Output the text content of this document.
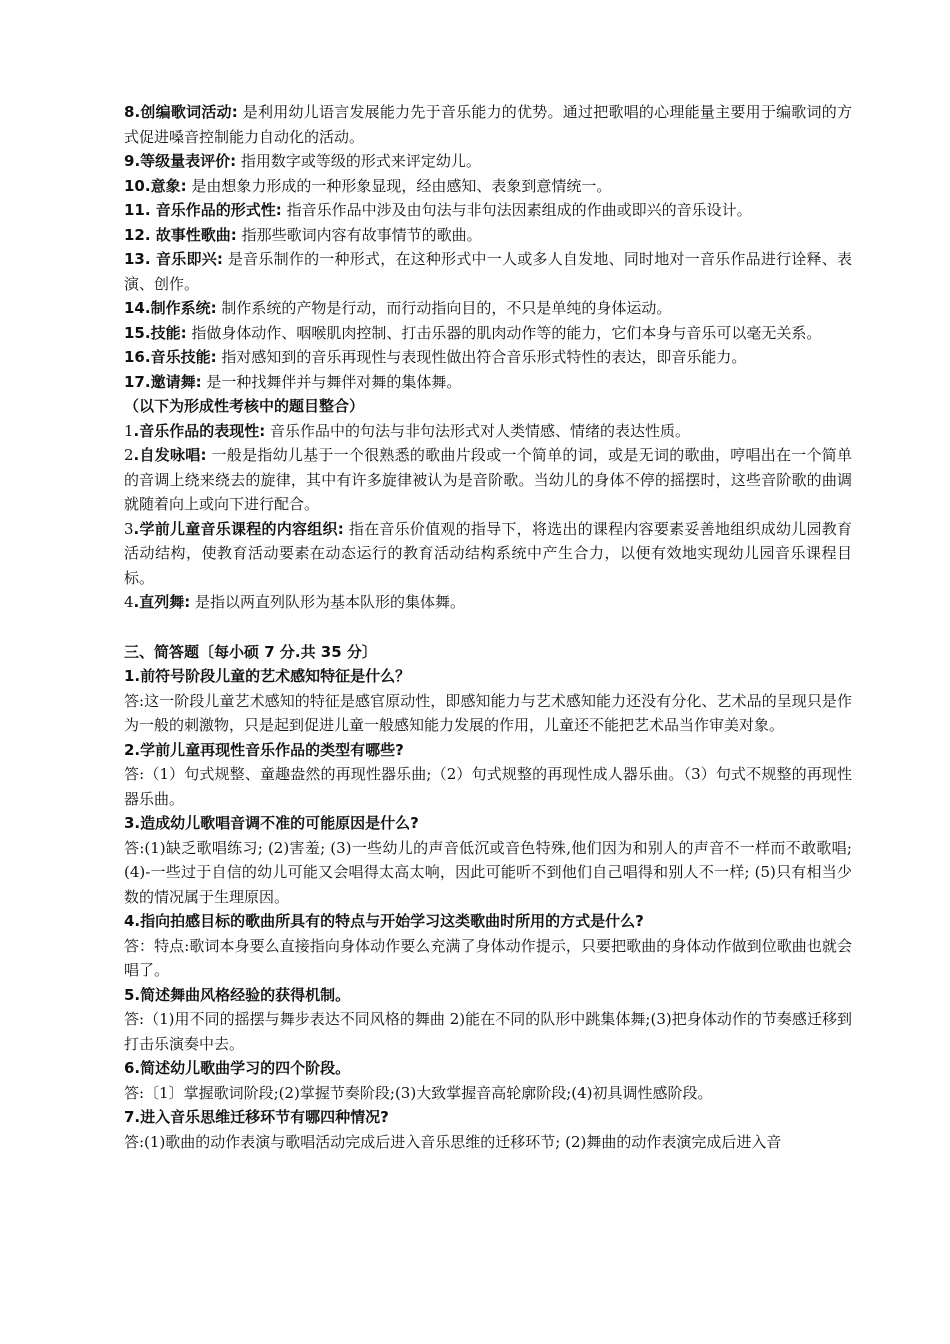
8.创编歌词活动: 是利用幼儿语言发展能力先于音乐能力的优势。通过把歌唱的心理能量主要用于编歌词的方式促进嗓音控制能力自动化的活动。

9.等级量表评价: 指用数字或等级的形式来评定幼儿。

10.意象: 是由想象力形成的一种形象显现，经由感知、表象到意情统一。

11. 音乐作品的形式性: 指音乐作品中涉及由句法与非句法因素组成的作曲或即兴的音乐设计。

12. 故事性歌曲: 指那些歌词内容有故事情节的歌曲。

13. 音乐即兴: 是音乐制作的一种形式，在这种形式中一人或多人自发地、同时地对一音乐作品进行诠释、表演、创作。

14.制作系统: 制作系统的产物是行动，而行动指向目的，不只是单纯的身体运动。

15.技能: 指做身体动作、咽喉肌肉控制、打击乐器的肌肉动作等的能力，它们本身与音乐可以毫无关系。

16.音乐技能: 指对感知到的音乐再现性与表现性做出符合音乐形式特性的表达，即音乐能力。

17.邀请舞: 是一种找舞伴并与舞伴对舞的集体舞。

（以下为形成性考核中的题目整合）

1.音乐作品的表现性: 音乐作品中的句法与非句法形式对人类情感、情绪的表达性质。

2.自发咏唱: 一般是指幼儿基于一个很熟悉的歌曲片段或一个简单的词，或是无词的歌曲，哼唱出在一个简单的音调上绕来绕去的旋律，其中有许多旋律被认为是音阶歌。当幼儿的身体不停的摇摆时，这些音阶歌的曲调就随着向上或向下进行配合。

3.学前儿童音乐课程的内容组织: 指在音乐价值观的指导下，将选出的课程内容要素妥善地组织成幼儿园教育活动结构，使教育活动要素在动态运行的教育活动结构系统中产生合力，以便有效地实现幼儿园音乐课程目标。

4.直列舞: 是指以两直列队形为基本队形的集体舞。

三、简答题〔每小硕 7 分.共 35 分〕

1.前符号阶段儿童的艺术感知特征是什么？

答:这一阶段儿童艺术感知的特征是感官原动性，即感知能力与艺术感知能力还没有分化、艺术品的呈现只是作为一般的刺激物，只是起到促进儿童一般感知能力发展的作用，儿童还不能把艺术品当作审美对象。

2.学前儿童再现性音乐作品的类型有哪些?

答:（1）句式规整、童趣盎然的再现性器乐曲;（2）句式规整的再现性成人器乐曲。（3）句式不规整的再现性器乐曲。

3.造成幼儿歌唱音调不准的可能原因是什么?

答:(1)缺乏歌唱练习; (2)害羞; (3)一些幼儿的声音低沉或音色特殊,他们因为和别人的声音不一样而不敢歌唱; (4)-一些过于自信的幼儿可能又会唱得太高太响，因此可能听不到他们自己唱得和别人不一样; (5)只有相当少数的情况属于生理原因。

4.指向拍感目标的歌曲所具有的特点与开始学习这类歌曲时所用的方式是什么?

答：特点:歌词本身要么直接指向身体动作要么充满了身体动作提示，只要把歌曲的身体动作做到位歌曲也就会唱了。

5.简述舞曲风格经验的获得机制。

答:（1)用不同的摇摆与舞步表达不同风格的舞曲 2)能在不同的队形中跳集体舞;(3)把身体动作的节奏感迁移到打击乐演奏中去。

6.简述幼儿歌曲学习的四个阶段。

答:〔1〕掌握歌词阶段;(2)掌握节奏阶段;(3)大致掌握音高轮廓阶段;(4)初具调性感阶段。

7.进入音乐思维迁移环节有哪四种情况?

答:(1)歌曲的动作表演与歌唱活动完成后进入音乐思维的迁移环节; (2)舞曲的动作表演完成后进入音
